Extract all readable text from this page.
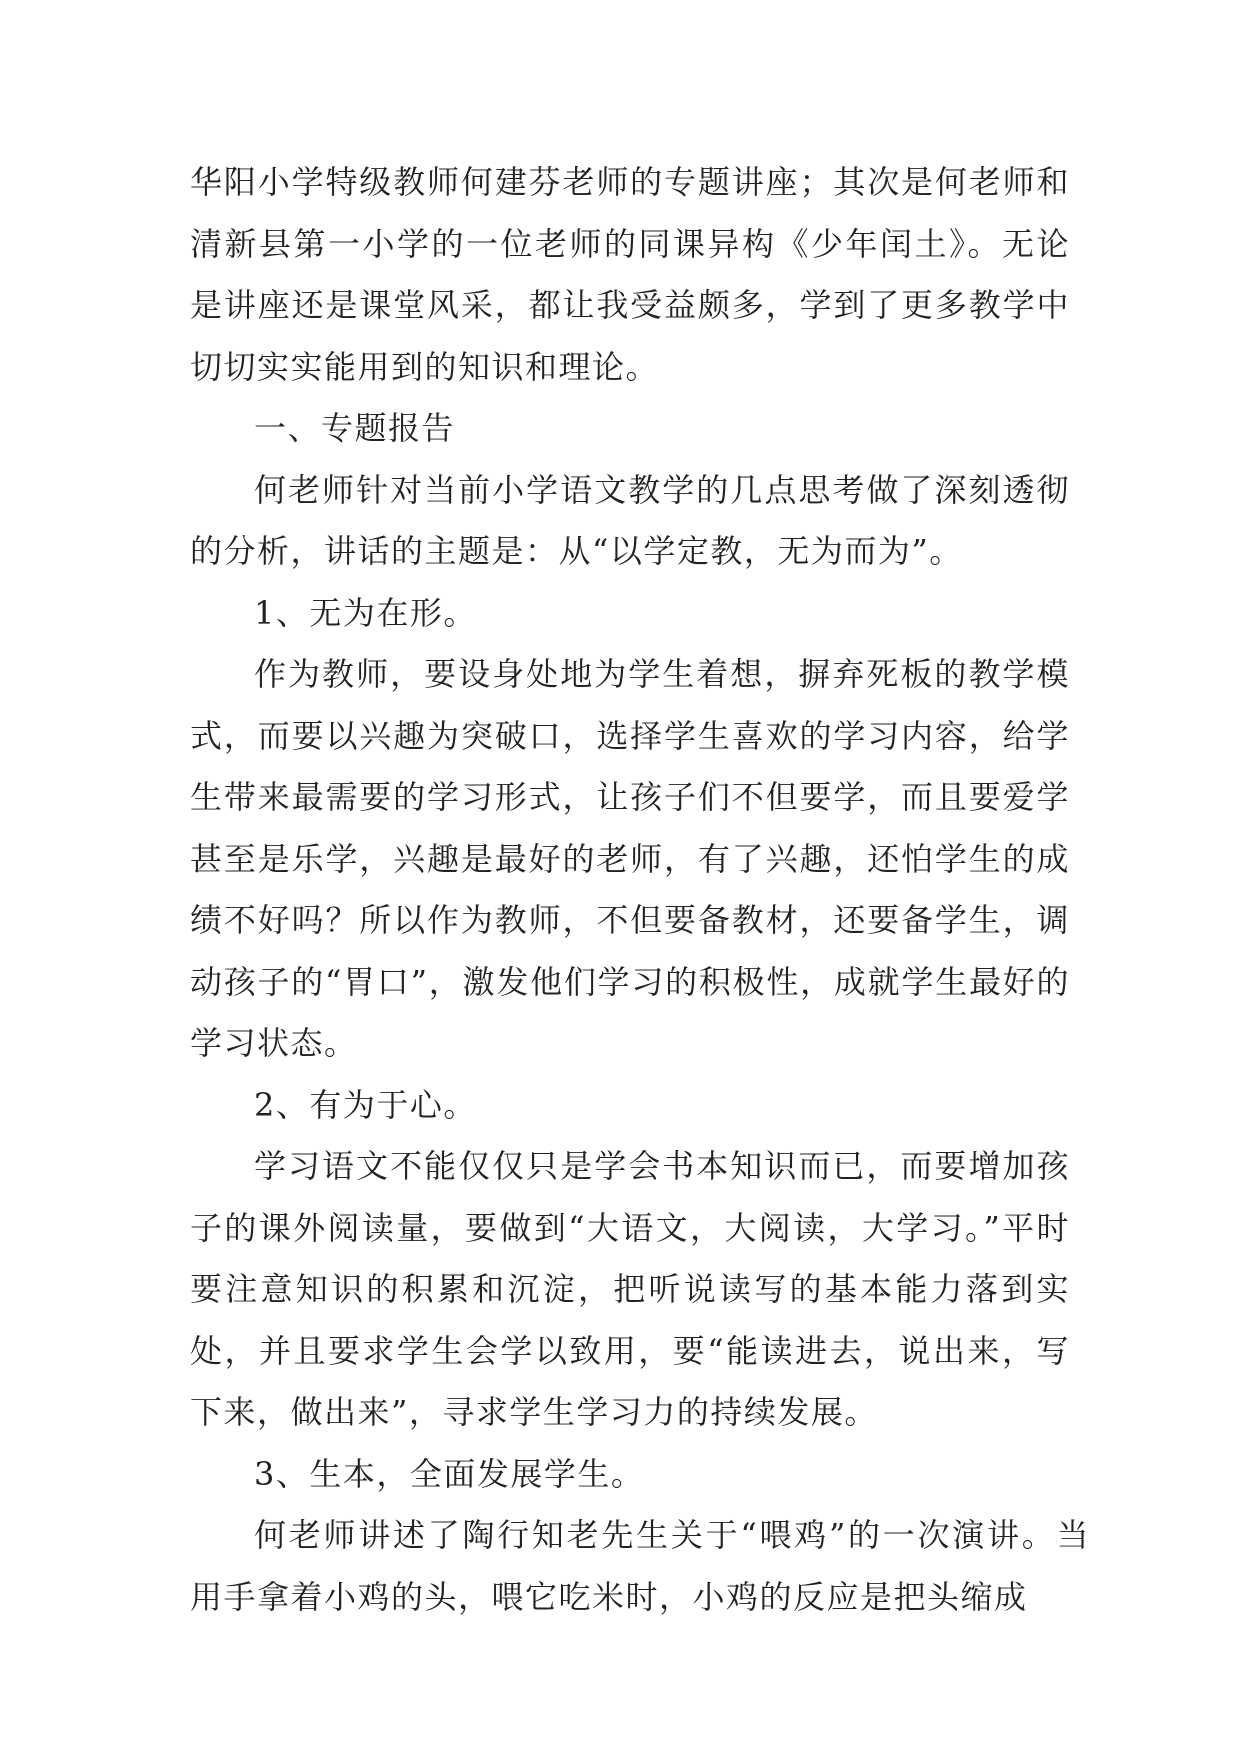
华阳小学特级教师何建芬老师的专题讲座；其次是何老师和清新县第一小学的一位老师的同课异构《少年闰土》。无论是讲座还是课堂风采，都让我受益颇多，学到了更多教学中切切实实能用到的知识和理论。

一、专题报告

何老师针对当前小学语文教学的几点思考做了深刻透彻的分析，讲话的主题是：从“以学定教，无为而为”。

1、无为在形。

作为教师，要设身处地为学生着想，摒弃死板的教学模式，而要以兴趣为突破口，选择学生喜欢的学习内容，给学生带来最需要的学习形式，让孩子们不但要学，而且要爱学甚至是乐学，兴趣是最好的老师，有了兴趣，还怕学生的成绩不好吗？所以作为教师，不但要备教材，还要备学生，调动孩子的“胃口”，激发他们学习的积极性，成就学生最好的学习状态。

2、有为于心。

学习语文不能仅仅只是学会书本知识而已，而要增加孩子的课外阅读量，要做到“大语文，大阅读，大学习。”平时要注意知识的积累和沉淀，把听说读写的基本能力落到实处，并且要求学生会学以致用，要“能读进去，说出来，写下来，做出来”，寻求学生学习力的持续发展。

3、生本，全面发展学生。

何老师讲述了陶行知老先生关于“喂鸡”的一次演讲。当用手拿着小鸡的头，喂它吃米时，小鸡的反应是把头缩成
